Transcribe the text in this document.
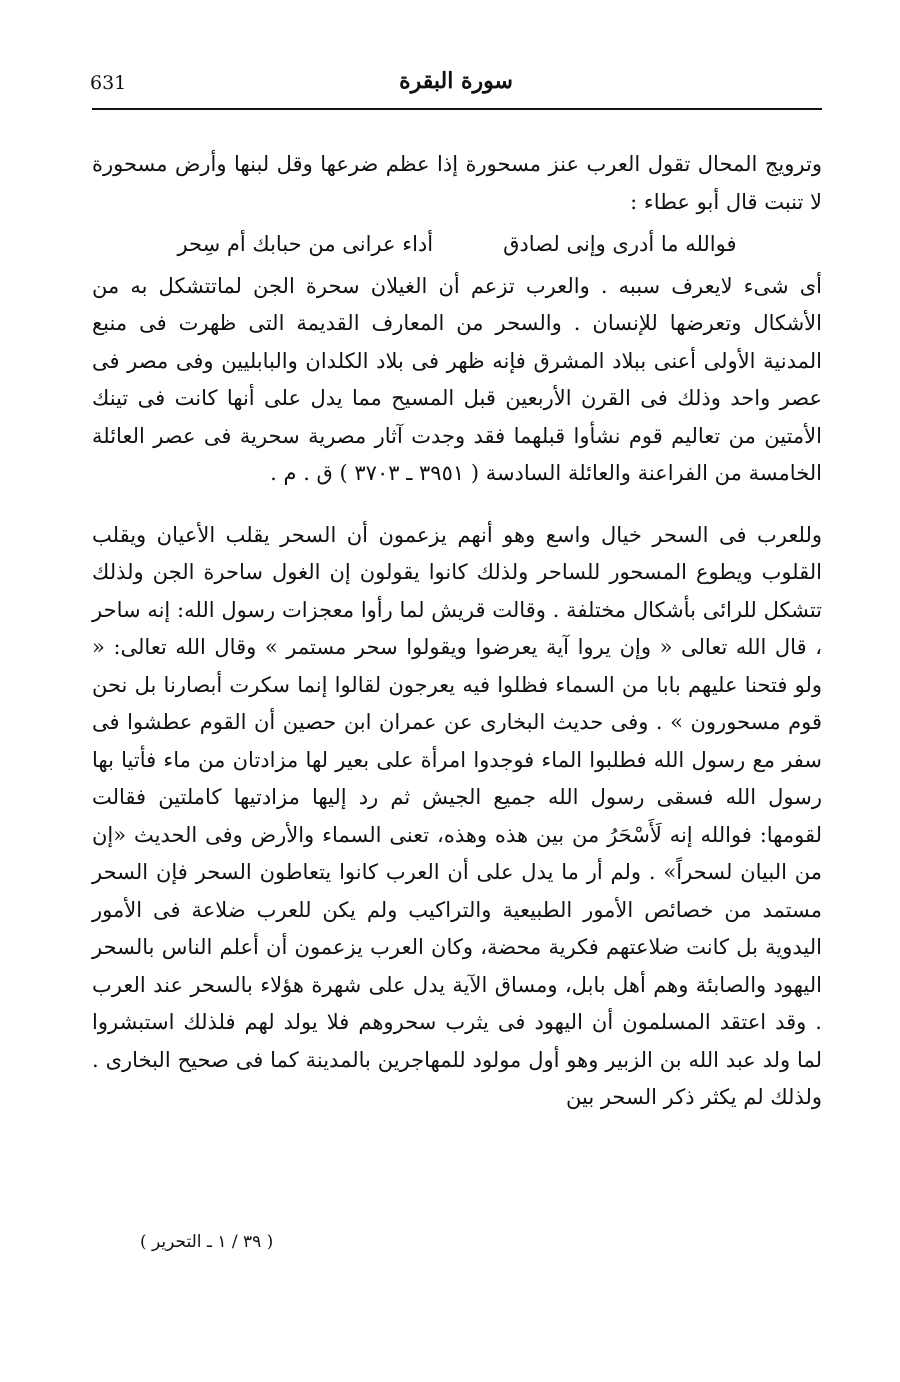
631	سورة البقرة

وترويج المحال تقول العرب عنز مسحورة إذا عظم ضرعها وقل لبنها وأرض مسحورة لا تنبت قال أبو عطاء :

فوالله ما أدرى وإنى لصادق
أداء عرانى من حبابك أم سِحر

أى شىء لايعرف سببه . والعرب تزعم أن الغيلان سحرة الجن لماتتشكل به من الأشكال وتعرضها للإنسان . والسحر من المعارف القديمة التى ظهرت فى منبع المدنية الأولى أعنى ببلاد المشرق فإنه ظهر فى بلاد الكلدان والبابليين وفى مصر فى عصر واحد وذلك فى القرن الأربعين قبل المسيح مما يدل على أنها كانت فى تينك الأمتين من تعاليم قوم نشأوا قبلهما فقد وجدت آثار مصرية سحرية فى عصر العائلة الخامسة من الفراعنة والعائلة السادسة ( ٣٩٥١ ـ ٣٧٠٣ ) ق . م .

وللعرب فى السحر خيال واسع وهو أنهم يزعمون أن السحر يقلب الأعيان ويقلب القلوب ويطوع المسحور للساحر ولذلك كانوا يقولون إن الغول ساحرة الجن ولذلك تتشكل للرائى بأشكال مختلفة . وقالت قريش لما رأوا معجزات رسول الله: إنه ساحر ، قال الله تعالى « وإن يروا آية يعرضوا ويقولوا سحر مستمر » وقال الله تعالى: « ولو فتحنا عليهم بابا من السماء فظلوا فيه يعرجون لقالوا إنما سكرت أبصارنا بل نحن قوم مسحورون » . وفى حديث البخارى عن عمران ابن حصين أن القوم عطشوا فى سفر مع رسول الله فطلبوا الماء فوجدوا امرأة على بعير لها مزادتان من ماء فأتيا بها رسول الله فسقى رسول الله جميع الجيش ثم رد إليها مزادتيها كاملتين فقالت لقومها: فوالله إنه لَأَسْحَرُ من بين هذه وهذه، تعنى السماء والأرض وفى الحديث «إن من البيان لسحراً» . ولم أر ما يدل على أن العرب كانوا يتعاطون السحر فإن السحر مستمد من خصائص الأمور الطبيعية والتراكيب ولم يكن للعرب ضلاعة فى الأمور اليدوية بل كانت ضلاعتهم فكرية محضة، وكان العرب يزعمون أن أعلم الناس بالسحر اليهود والصابئة وهم أهل بابل، ومساق الآية يدل على شهرة هؤلاء بالسحر عند العرب . وقد اعتقد المسلمون أن اليهود فى يثرب سحروهم فلا يولد لهم فلذلك استبشروا لما ولد عبد الله بن الزبير وهو أول مولود للمهاجرين بالمدينة كما فى صحيح البخارى . ولذلك لم يكثر ذكر السحر بين

( ٣٩ / ١ ـ التحرير )
